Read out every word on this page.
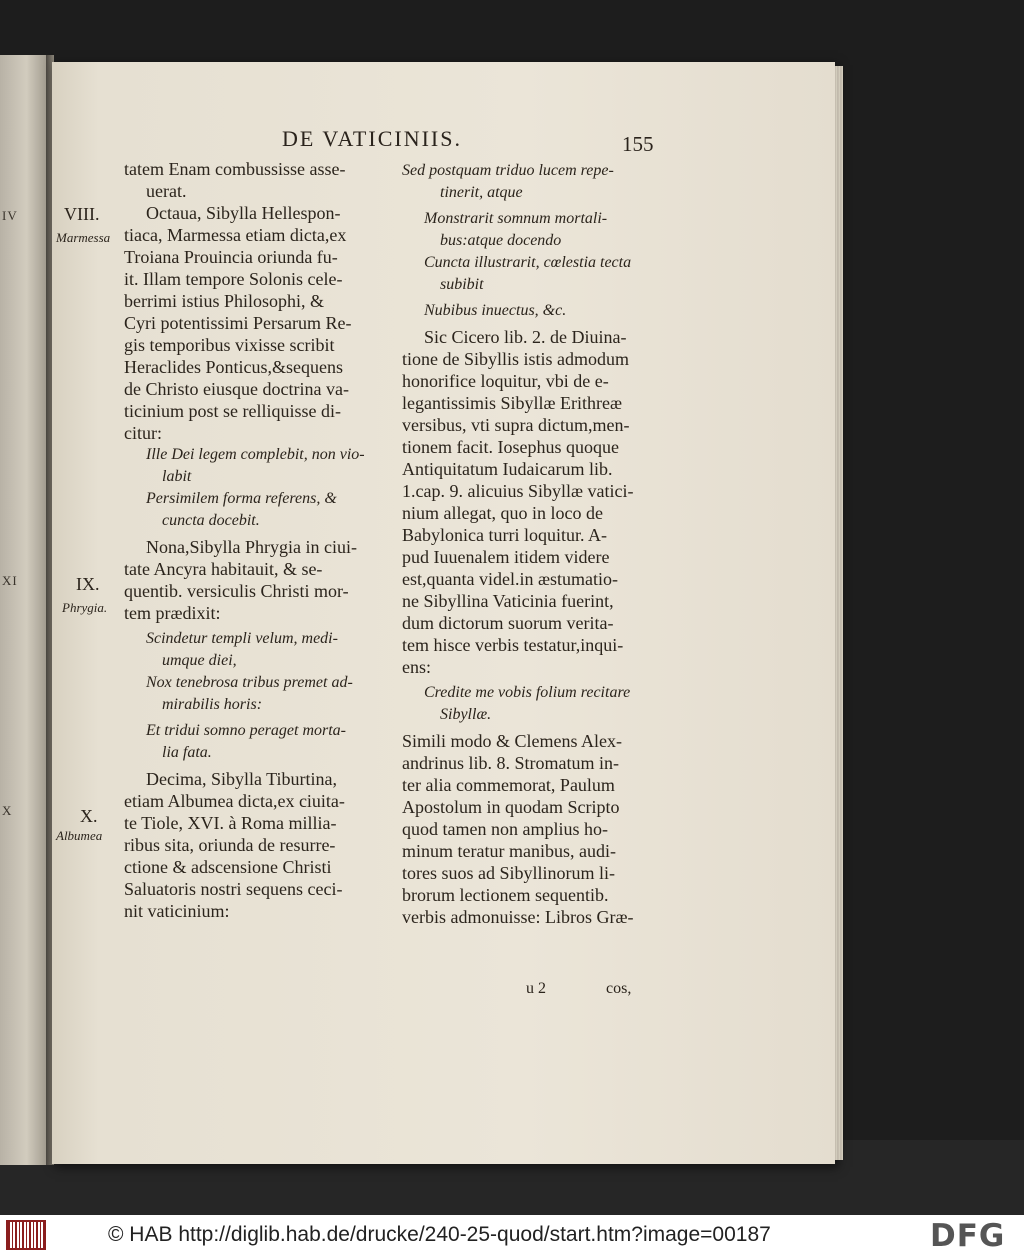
IV
XI
X
DE VATICINIIS.	155
VIII.
Marmessa
IX.
Phrygia.
X.
Albumea
tatem Enam combussisse asse-
uerat.
Octaua, Sibylla Hellespon-
tiaca, Marmessa etiam dicta,ex
Troiana Prouincia oriunda fu-
it. Illam tempore Solonis cele-
berrimi istius Philosophi, &
Cyri potentissimi Persarum Re-
gis temporibus vixisse scribit
Heraclides Ponticus,&sequens
de Christo eiusque doctrina va-
ticinium post se relliquisse di-
citur:
Ille Dei legem complebit, non vio-
labit
Persimilem forma referens, &
cuncta docebit.
Nona,Sibylla Phrygia in ciui-
tate Ancyra habitauit, & se-
quentib. versiculis Christi mor-
tem prædixit:
Scindetur templi velum, medi-
umque diei,
Nox tenebrosa tribus premet ad-
mirabilis horis:
Et tridui somno peraget morta-
lia fata.
Decima, Sibylla Tiburtina,
etiam Albumea dicta,ex ciuita-
te Tiole, XVI. à Roma millia-
ribus sita, oriunda de resurre-
ctione & adscensione Christi
Saluatoris nostri sequens ceci-
nit vaticinium:
Sed postquam triduo lucem repe-
tinerit, atque
Monstrarit somnum mortali-
bus:atque docendo
Cuncta illustrarit, cœlestia tecta
subibit
Nubibus inuectus, &c.
Sic Cicero lib. 2. de Diuina-
tione de Sibyllis istis admodum
honorifice loquitur, vbi de e-
legantissimis Sibyllæ Erithreæ
versibus, vti supra dictum,men-
tionem facit. Iosephus quoque
Antiquitatum Iudaicarum lib.
1.cap. 9. alicuius Sibyllæ vatici-
nium allegat, quo in loco de
Babylonica turri loquitur. A-
pud Iuuenalem itidem videre
est,quanta videl.in æstumatio-
ne Sibyllina Vaticinia fuerint,
dum dictorum suorum verita-
tem hisce verbis testatur,inqui-
ens:
Credite me vobis folium recitare
Sibyllæ.
Simili modo & Clemens Alex-
andrinus lib. 8. Stromatum in-
ter alia commemorat, Paulum
Apostolum in quodam Scripto
quod tamen non amplius ho-
minum teratur manibus, audi-
tores suos ad Sibyllinorum li-
brorum lectionem sequentib.
verbis admonuisse: Libros Græ-
u 2	cos,
© HAB http://diglib.hab.de/drucke/240-25-quod/start.htm?image=00187	DFG
